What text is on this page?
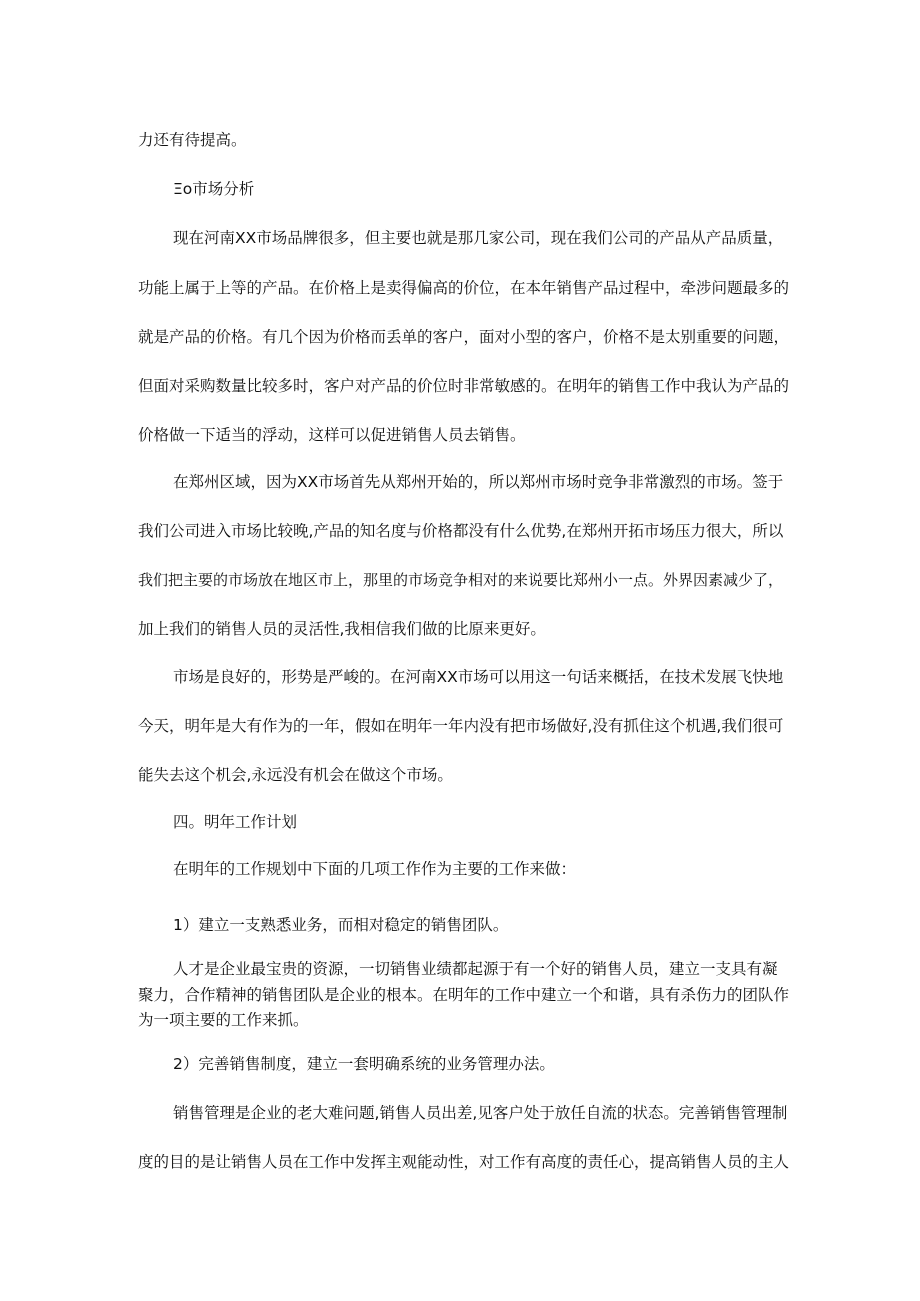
力还有待提高。

Ξo市场分析

现在河南XX市场品牌很多，但主要也就是那几家公司，现在我们公司的产品从产品质量，

功能上属于上等的产品。在价格上是卖得偏高的价位，在本年销售产品过程中，牵涉问题最多的

就是产品的价格。有几个因为价格而丢单的客户，面对小型的客户，价格不是太别重要的问题，

但面对采购数量比较多时，客户对产品的价位时非常敏感的。在明年的销售工作中我认为产品的

价格做一下适当的浮动，这样可以促进销售人员去销售。

在郑州区域，因为XX市场首先从郑州开始的，所以郑州市场时竞争非常激烈的市场。签于

我们公司进入市场比较晚,产品的知名度与价格都没有什么优势,在郑州开拓市场压力很大，所以

我们把主要的市场放在地区市上，那里的市场竞争相对的来说要比郑州小一点。外界因素减少了，

加上我们的销售人员的灵活性,我相信我们做的比原来更好。

市场是良好的，形势是严峻的。在河南XX市场可以用这一句话来概括，在技术发展飞快地

今天，明年是大有作为的一年，假如在明年一年内没有把市场做好,没有抓住这个机遇,我们很可

能失去这个机会,永远没有机会在做这个市场。

四。明年工作计划

在明年的工作规划中下面的几项工作作为主要的工作来做：

1）建立一支熟悉业务，而相对稳定的销售团队。

人才是企业最宝贵的资源，一切销售业绩都起源于有一个好的销售人员，建立一支具有凝

聚力，合作精神的销售团队是企业的根本。在明年的工作中建立一个和谐，具有杀伤力的团队作

为一项主要的工作来抓。

2）完善销售制度，建立一套明确系统的业务管理办法。

销售管理是企业的老大难问题,销售人员出差,见客户处于放任自流的状态。完善销售管理制

度的目的是让销售人员在工作中发挥主观能动性，对工作有高度的责任心，提高销售人员的主人
